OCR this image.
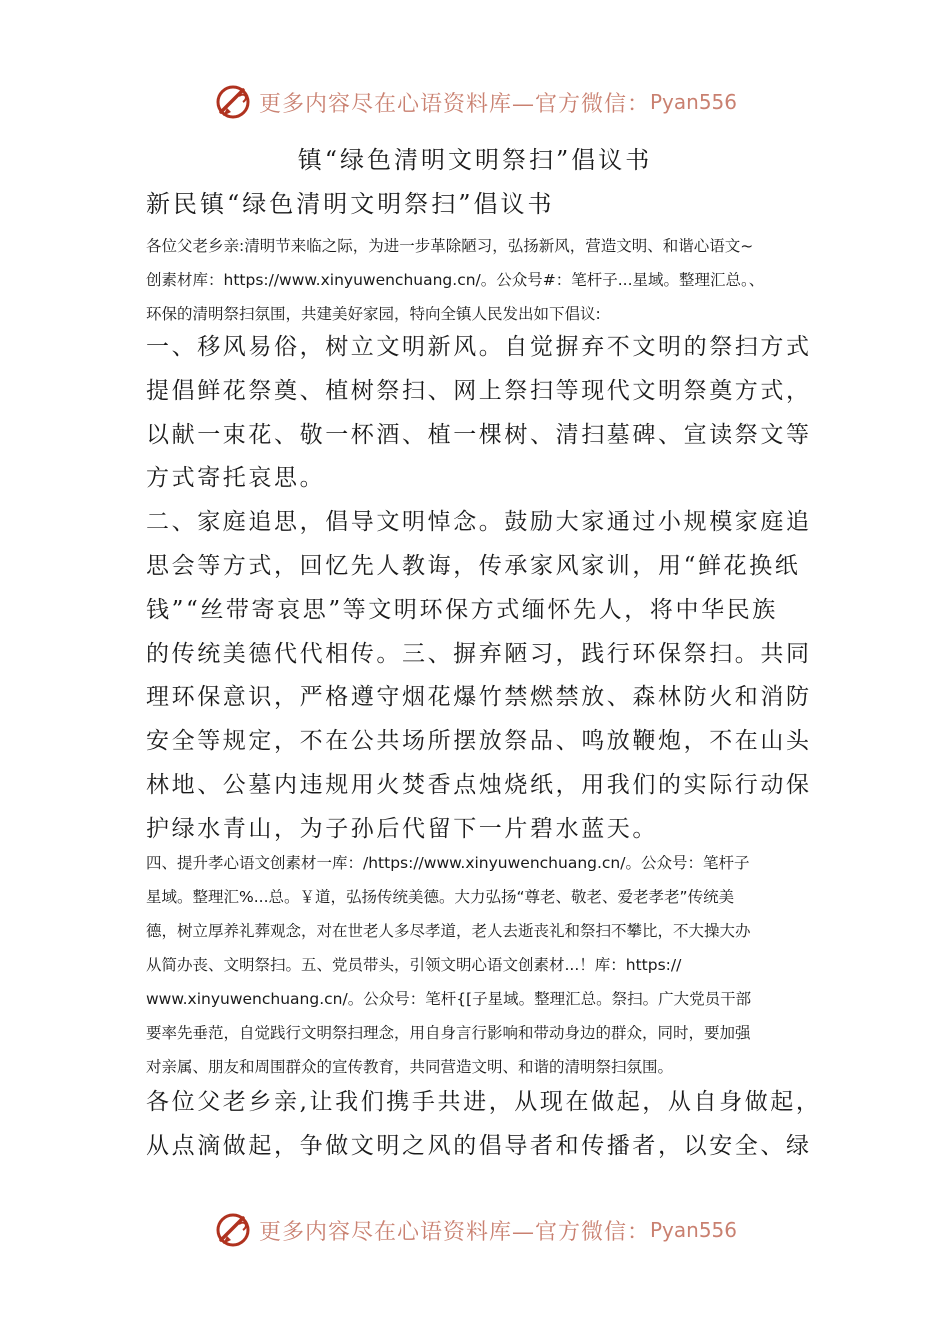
更多内容尽在心语资料库—官方微信： Pyan556
镇“绿色清明文明祭扫”倡议书
新民镇“绿色清明文明祭扫”倡议书

各位父老乡亲:清明节来临之际，为进一步革除陋习，弘扬新风，营造文明、和谐心语文~
创素材库：https://www.xinyuwenchuang.cn/。公众号#：笔杆子...星域。整理汇总。、
环保的清明祭扫氛围，共建美好家园，特向全镇人民发出如下倡议:

一、移风易俗，树立文明新风。自觉摒弃不文明的祭扫方式
提倡鲜花祭奠、植树祭扫、网上祭扫等现代文明祭奠方式，
以献一束花、敬一杯酒、植一棵树、清扫墓碑、宣读祭文等
方式寄托哀思。
二、家庭追思，倡导文明悼念。鼓励大家通过小规模家庭追
思会等方式，回忆先人教诲，传承家风家训，用“鲜花换纸
钱”“丝带寄哀思”等文明环保方式缅怀先人，将中华民族
的传统美德代代相传。三、摒弃陋习，践行环保祭扫。共同
理环保意识，严格遵守烟花爆竹禁燃禁放、森林防火和消防
安全等规定，不在公共场所摆放祭品、鸣放鞭炮，不在山头
林地、公墓内违规用火焚香点烛烧纸，用我们的实际行动保
护绿水青山，为子孙后代留下一片碧水蓝天。

四、提升孝心语文创素材一库：/https://www.xinyuwenchuang.cn/。公众号：笔杆子
星域。整理汇%...总。￥道，弘扬传统美德。大力弘扬“尊老、敬老、爱老孝老”传统美
德，树立厚养礼葬观念，对在世老人多尽孝道，老人去逝丧礼和祭扫不攀比，不大操大办
从简办丧、文明祭扫。五、党员带头，引领文明心语文创素材...！库：https://
www.xinyuwenchuang.cn/。公众号：笔杆{[子星域。整理汇总。祭扫。广大党员干部
要率先垂范，自觉践行文明祭扫理念，用自身言行影响和带动身边的群众，同时，要加强
对亲属、朋友和周围群众的宣传教育，共同营造文明、和谐的清明祭扫氛围。

各位父老乡亲,让我们携手共进，从现在做起，从自身做起，
从点滴做起，争做文明之风的倡导者和传播者，以安全、绿

更多内容尽在心语资料库—官方微信： Pyan556
